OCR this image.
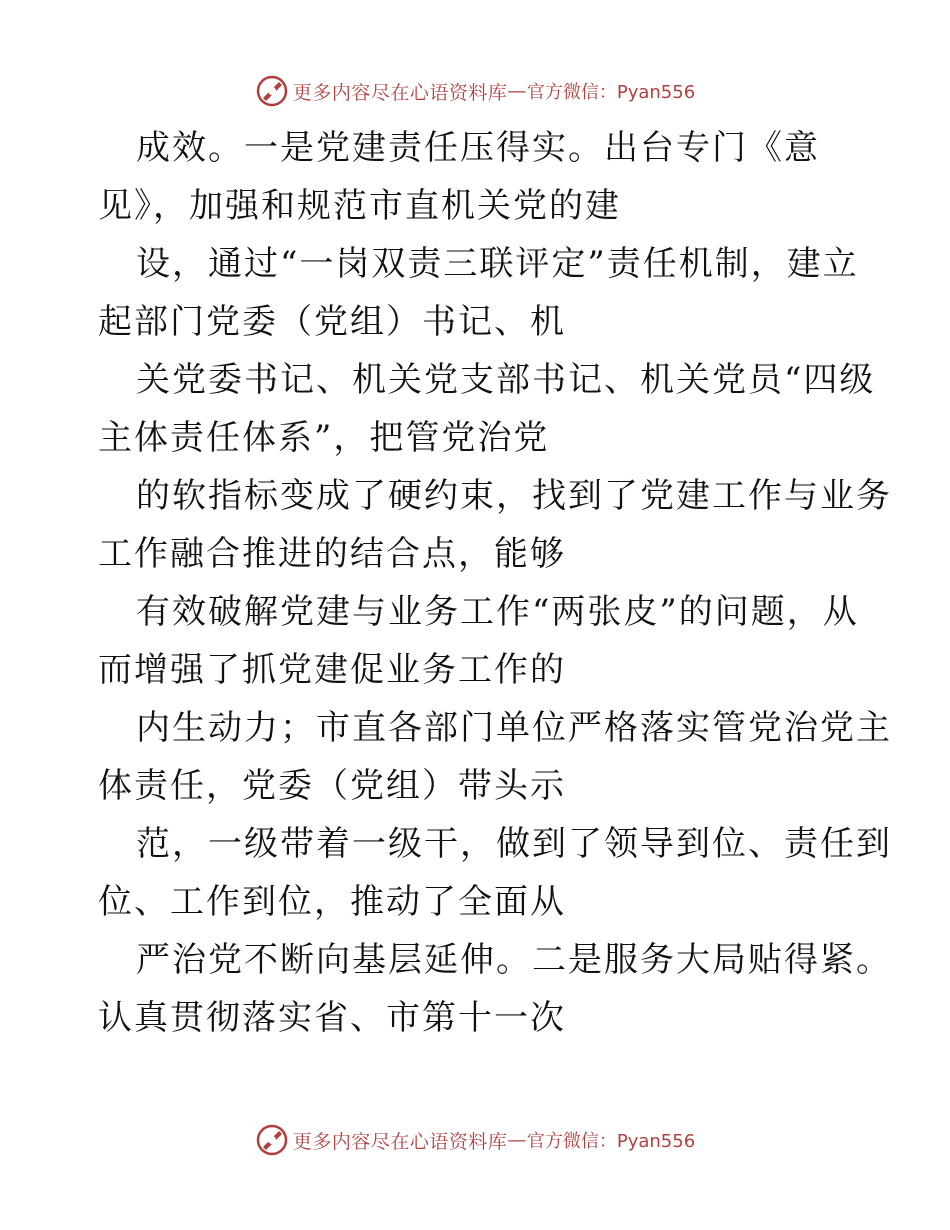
更多内容尽在心语资料库 — 官方微信：Pyan556
成效。一是党建责任压得实。出台专门《意
见》，加强和规范市直机关党的建
设，通过“一岗双责三联评定”责任机制，建立
起部门党委（党组）书记、机
关党委书记、机关党支部书记、机关党员“四级
主体责任体系”，把管党治党
的软指标变成了硬约束，找到了党建工作与业务
工作融合推进的结合点，能够
有效破解党建与业务工作“两张皮”的问题，从
而增强了抓党建促业务工作的
内生动力；市直各部门单位严格落实管党治党主
体责任，党委（党组）带头示
范，一级带着一级干，做到了领导到位、责任到
位、工作到位，推动了全面从
严治党不断向基层延伸。二是服务大局贴得紧。
认真贯彻落实省、市第十一次
更多内容尽在心语资料库 — 官方微信：Pyan556
